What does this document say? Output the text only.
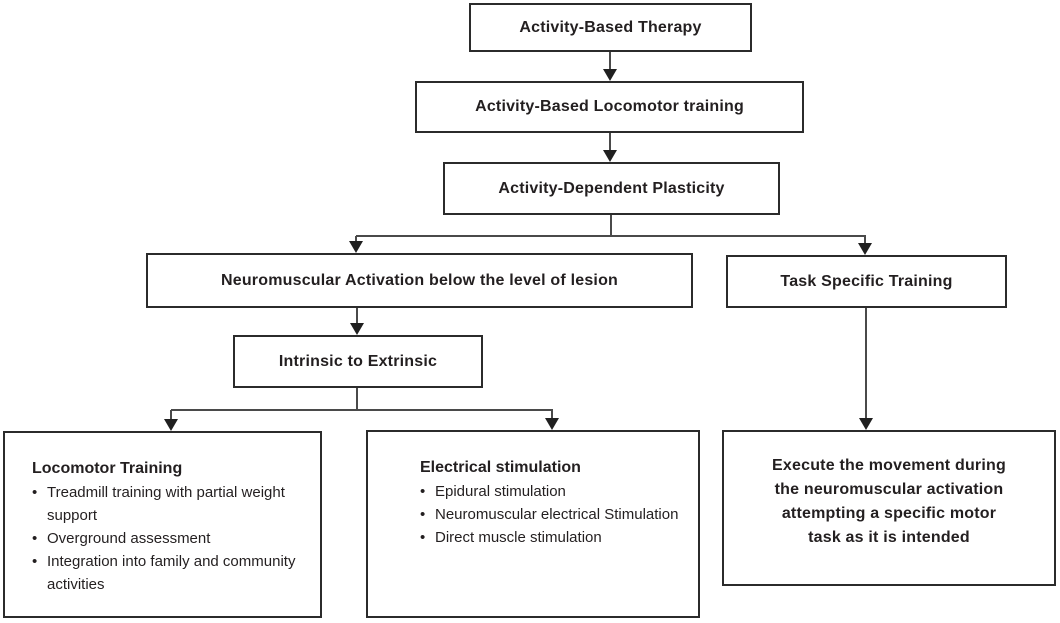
Activity-Based Therapy
Activity-Based Locomotor training
Activity-Dependent Plasticity
Neuromuscular Activation below the level of lesion	Task Specific Training
Intrinsic to Extrinsic
Locomotor Training
• Treadmill training with partial weight support
• Overground assessment
• Integration into family and community activities
Electrical stimulation
• Epidural stimulation
• Neuromuscular electrical Stimulation
• Direct muscle stimulation
Execute the movement during the neuromuscular activation attempting a specific motor task as it is intended
